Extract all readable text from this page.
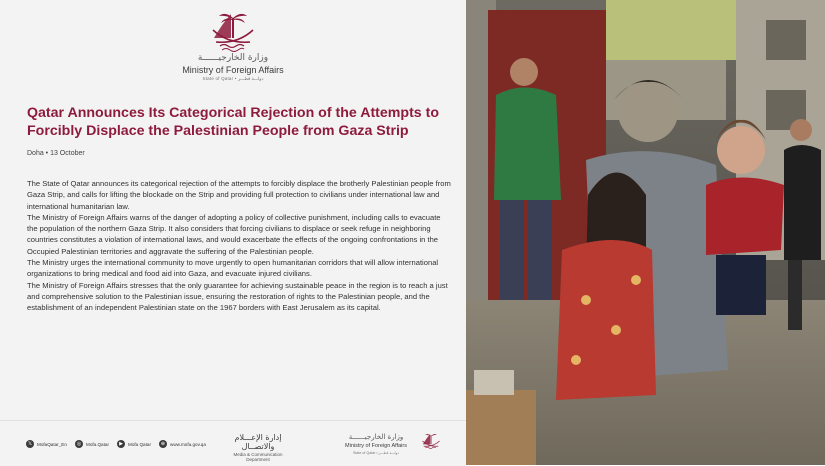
وزارة الخارجيــــــة
Ministry of Foreign Affairs
State of Qatar • دولـــة قطـــر
Qatar Announces Its Categorical Rejection of the Attempts to Forcibly Displace the Palestinian People from Gaza Strip
Doha • 13 October

The State of Qatar announces its categorical rejection of the attempts to forcibly displace the brotherly Palestinian people from Gaza Strip, and calls for lifting the blockade on the Strip and providing full protection to civilians under international law and international humanitarian law.

The Ministry of Foreign Affairs warns of the danger of adopting a policy of collective punishment, including calls to evacuate the population of the northern Gaza Strip. It also considers that forcing civilians to displace or seek refuge in neighboring countries constitutes a violation of international laws, and would exacerbate the effects of the ongoing confrontations in the Occupied Palestinian territories and aggravate the suffering of the Palestinian people.

The Ministry urges the international community to move urgently to open humanitarian corridors that will allow international organizations to bring medical and food aid into Gaza, and evacuate injured civilians.

The Ministry of Foreign Affairs stresses that the only guarantee for achieving sustainable peace in the region is to reach a just and comprehensive solution to the Palestinian issue, ensuring the restoration of rights to the Palestinian people, and the establishment of an independent Palestinian state on the 1967 borders with East Jerusalem as its capital.

𝕏	MofaQatar_En	◎	Mofa.Qatar	▶	Mofa Qatar	⊕	www.mofa.gov.qa
إدارة الإعـــلام والاتصــال
Media & Communication Department
وزارة الخارجيــــــة
Ministry of Foreign Affairs
State of Qatar • دولـــة قطـــر
